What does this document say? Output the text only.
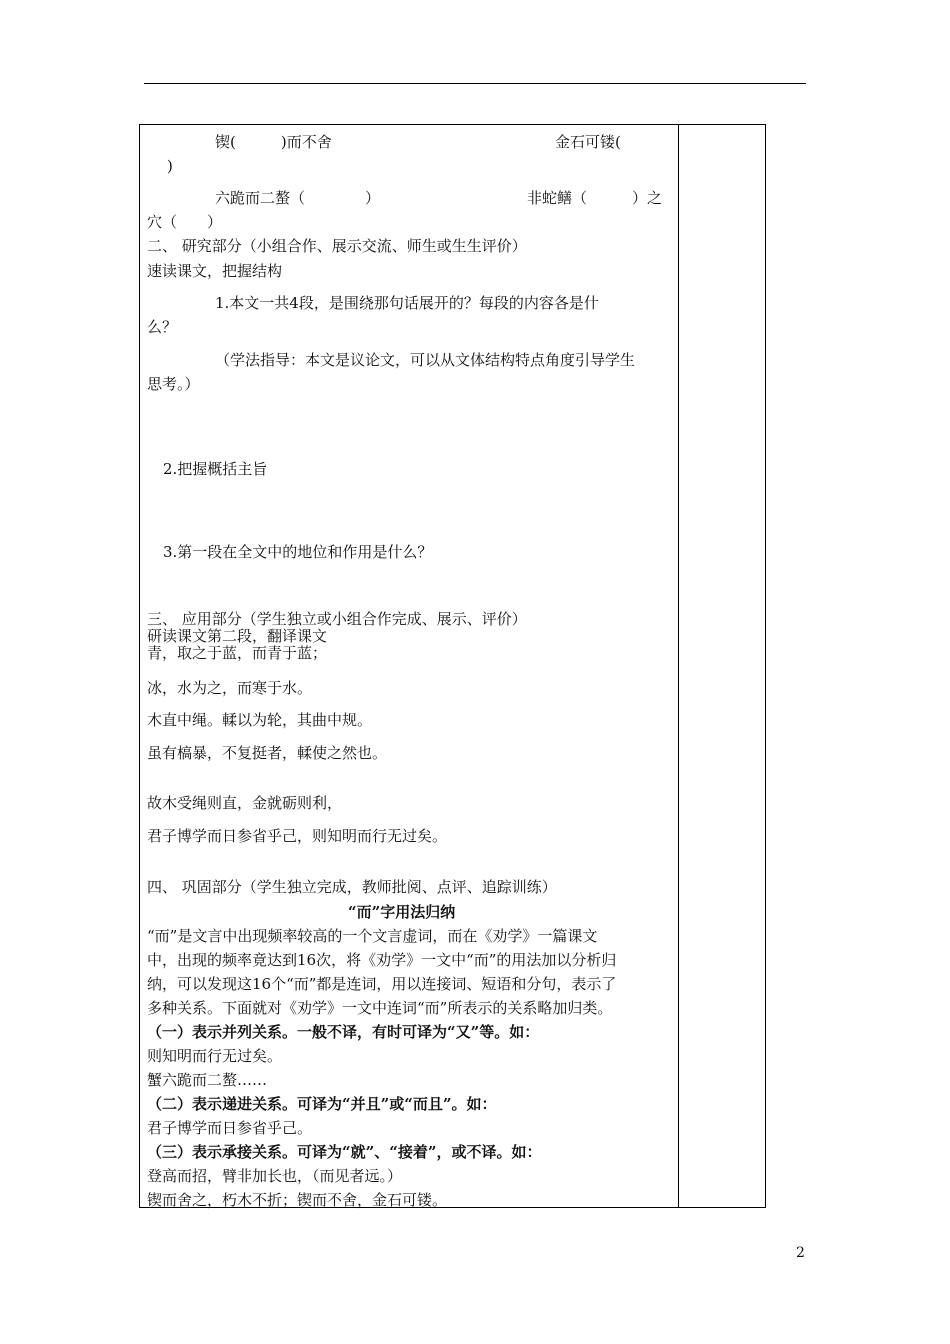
锲(　　　)而不舍	金石可镂(
)
六跪而二螯（　　　　）	非蛇鳝（　　　）之
穴（　　）
二、 研究部分（小组合作、展示交流、师生或生生评价）
速读课文，把握结构
1.本文一共4段，是围绕那句话展开的？每段的内容各是什
么？
（学法指导：本文是议论文，可以从文体结构特点角度引导学生
思考。）
2.把握概括主旨
3.第一段在全文中的地位和作用是什么？
三、 应用部分（学生独立或小组合作完成、展示、评价）
研读课文第二段，翻译课文
青，取之于蓝，而青于蓝；
冰，水为之，而寒于水。
木直中绳。輮以为轮，其曲中规。
虽有槁暴，不复挺者，輮使之然也。
故木受绳则直，金就砺则利，
君子博学而日参省乎己，则知明而行无过矣。
四、 巩固部分（学生独立完成，教师批阅、点评、追踪训练）
“而”字用法归纳
“而”是文言中出现频率较高的一个文言虚词，而在《劝学》一篇课文
中，出现的频率竟达到16次，将《劝学》一文中“而”的用法加以分析归
纳，可以发现这16个“而”都是连词，用以连接词、短语和分句，表示了
多种关系。下面就对《劝学》一文中连词“而”所表示的关系略加归类。
（一）表示并列关系。一般不译，有时可译为“又”等。如：
则知明而行无过矣。
蟹六跪而二螯……
（二）表示递进关系。可译为“并且”或“而且”。如：
君子博学而日参省乎己。
（三）表示承接关系。可译为“就”、“接着”，或不译。如：
登高而招，臂非加长也，（而见者远。）
锲而舍之，朽木不折；锲而不舍，金石可镂。
2
